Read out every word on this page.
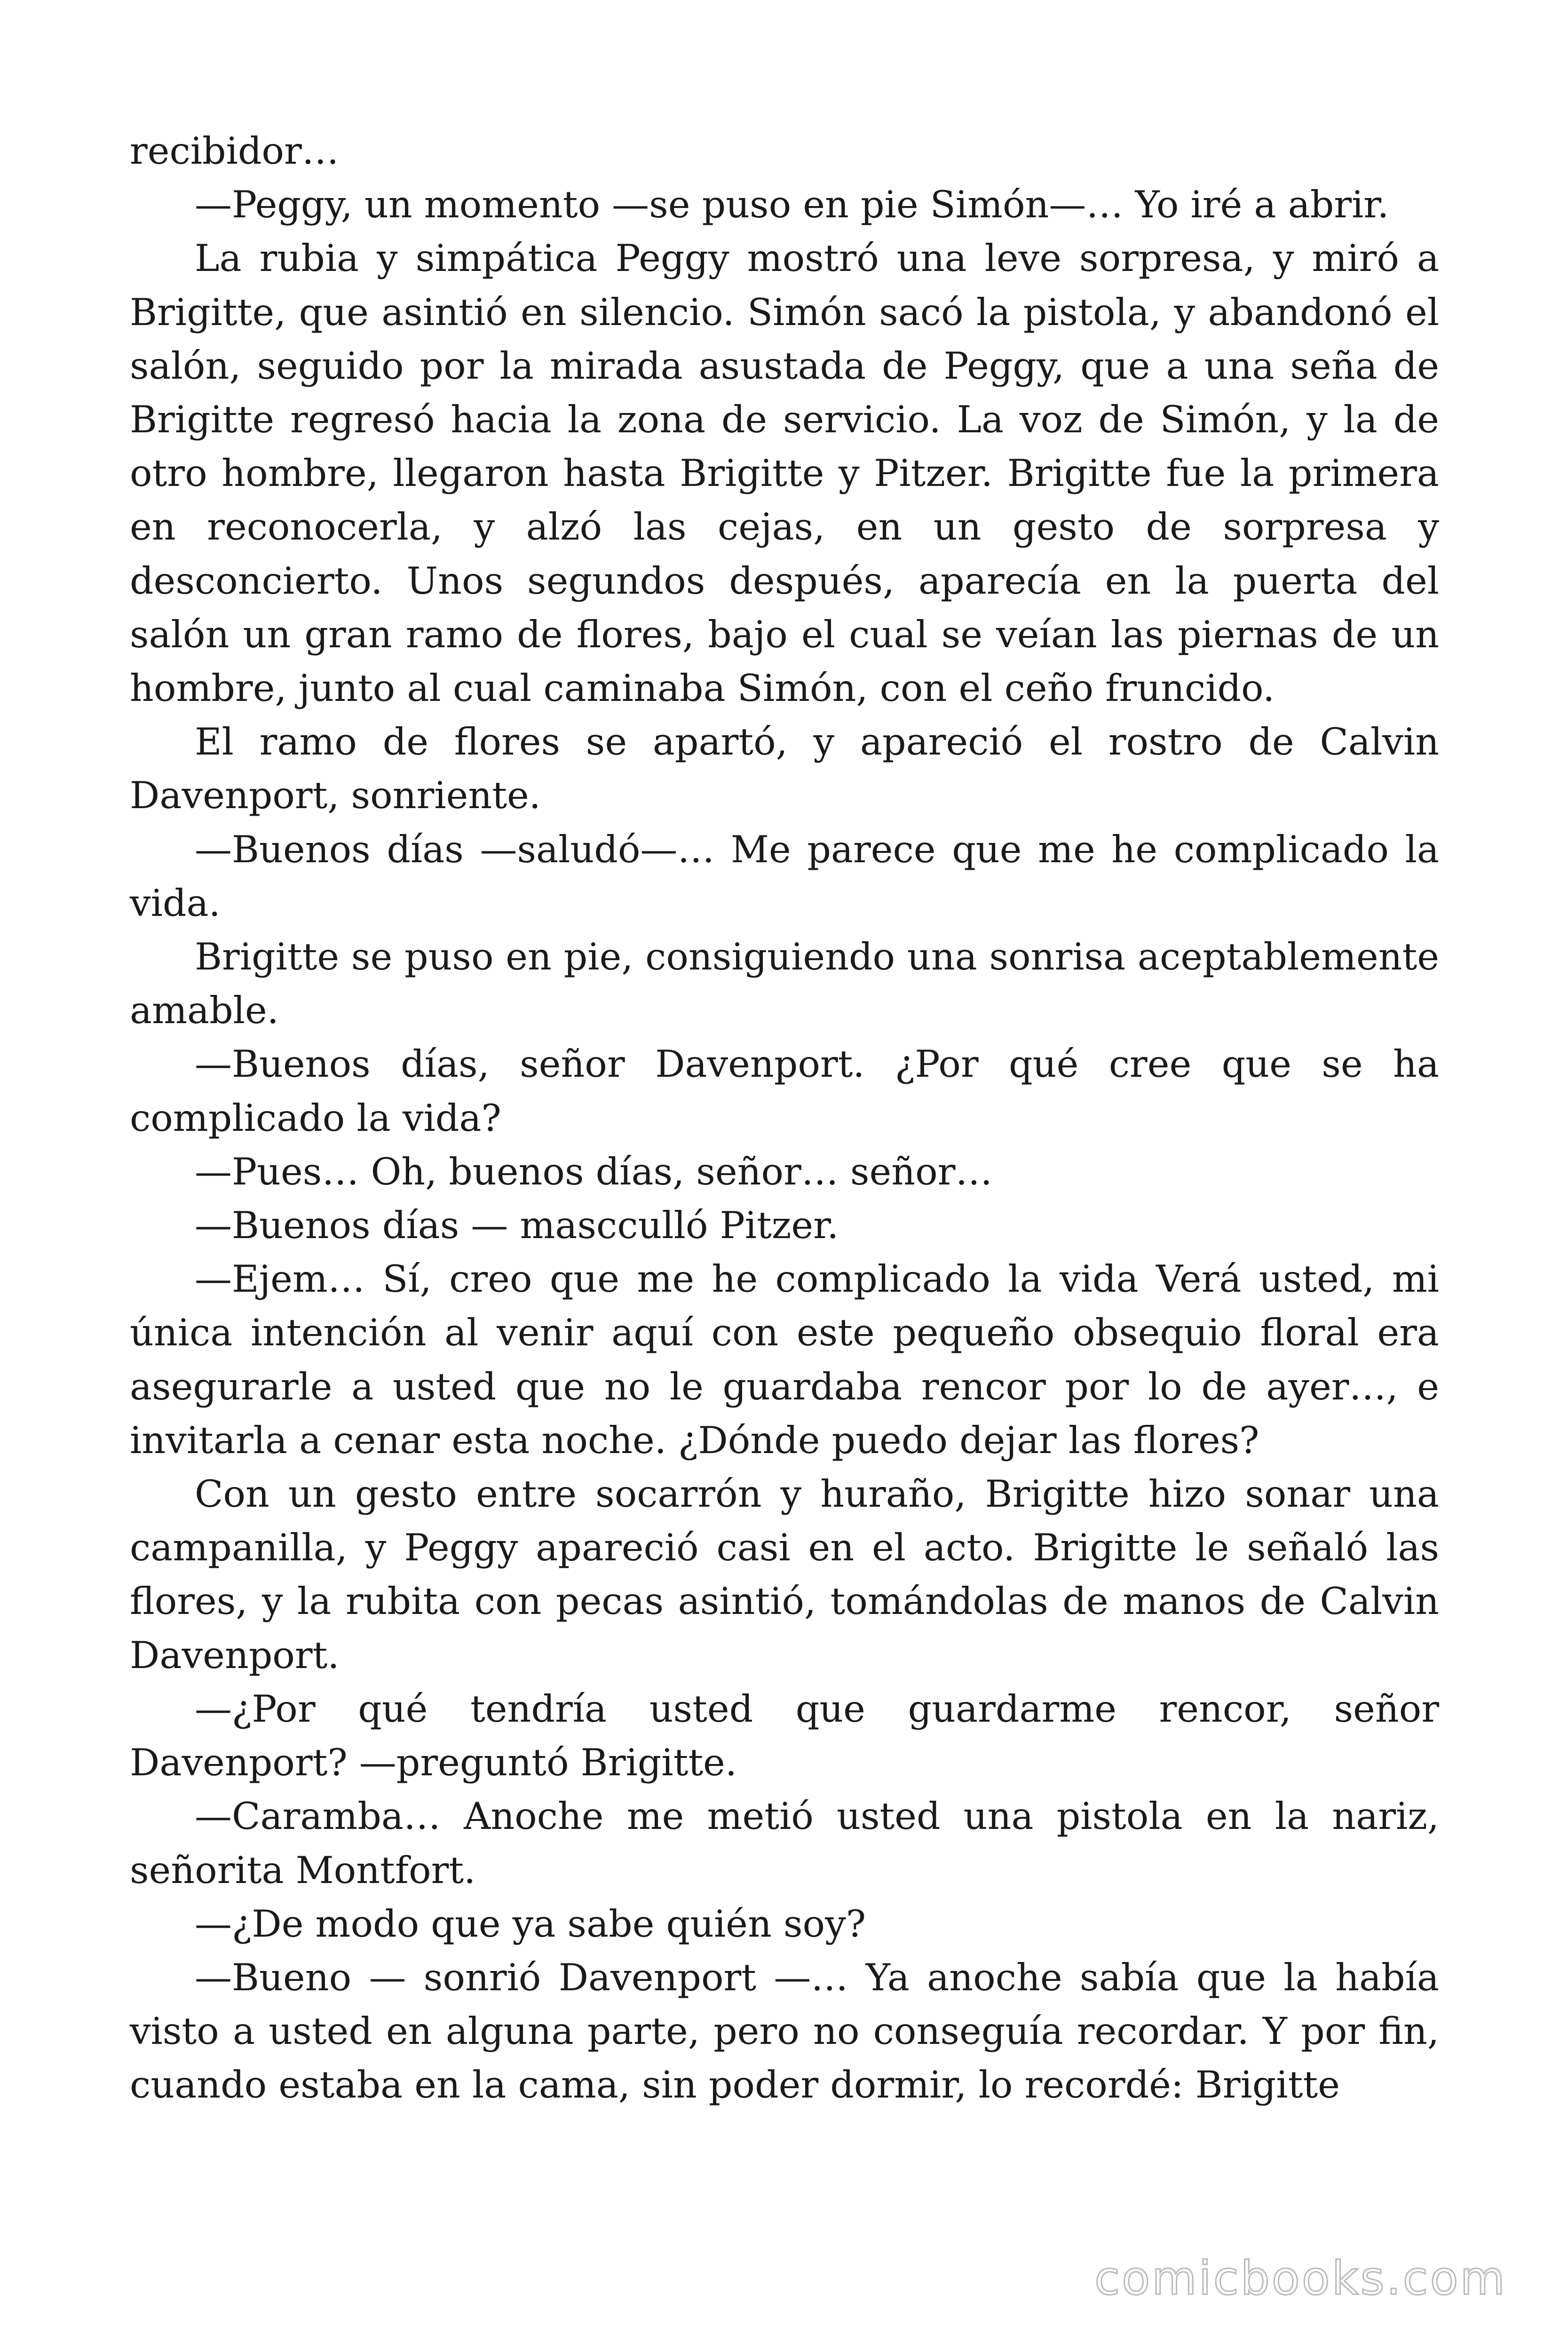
recibidor…

—Peggy, un momento —se puso en pie Simón—… Yo iré a abrir.

La rubia y simpática Peggy mostró una leve sorpresa, y miró a Brigitte, que asintió en silencio. Simón sacó la pistola, y abandonó el salón, seguido por la mirada asustada de Peggy, que a una seña de Brigitte regresó hacia la zona de servicio. La voz de Simón, y la de otro hombre, llegaron hasta Brigitte y Pitzer. Brigitte fue la primera en reconocerla, y alzó las cejas, en un gesto de sorpresa y desconcierto. Unos segundos después, aparecía en la puerta del salón un gran ramo de flores, bajo el cual se veían las piernas de un hombre, junto al cual caminaba Simón, con el ceño fruncido.

El ramo de flores se apartó, y apareció el rostro de Calvin Davenport, sonriente.

—Buenos días —saludó—… Me parece que me he complicado la vida.

Brigitte se puso en pie, consiguiendo una sonrisa aceptablemente amable.

—Buenos días, señor Davenport. ¿Por qué cree que se ha complicado la vida?

—Pues… Oh, buenos días, señor… señor…

—Buenos días — mascculló Pitzer.

—Ejem… Sí, creo que me he complicado la vida Verá usted, mi única intención al venir aquí con este pequeño obsequio floral era asegurarle a usted que no le guardaba rencor por lo de ayer…, e invitarla a cenar esta noche. ¿Dónde puedo dejar las flores?

Con un gesto entre socarrón y huraño, Brigitte hizo sonar una campanilla, y Peggy apareció casi en el acto. Brigitte le señaló las flores, y la rubita con pecas asintió, tomándolas de manos de Calvin Davenport.

—¿Por qué tendría usted que guardarme rencor, señor Davenport? —preguntó Brigitte.

—Caramba… Anoche me metió usted una pistola en la nariz, señorita Montfort.

—¿De modo que ya sabe quién soy?

—Bueno — sonrió Davenport —… Ya anoche sabía que la había visto a usted en alguna parte, pero no conseguía recordar. Y por fin, cuando estaba en la cama, sin poder dormir, lo recordé: Brigitte

comicbooks.com
